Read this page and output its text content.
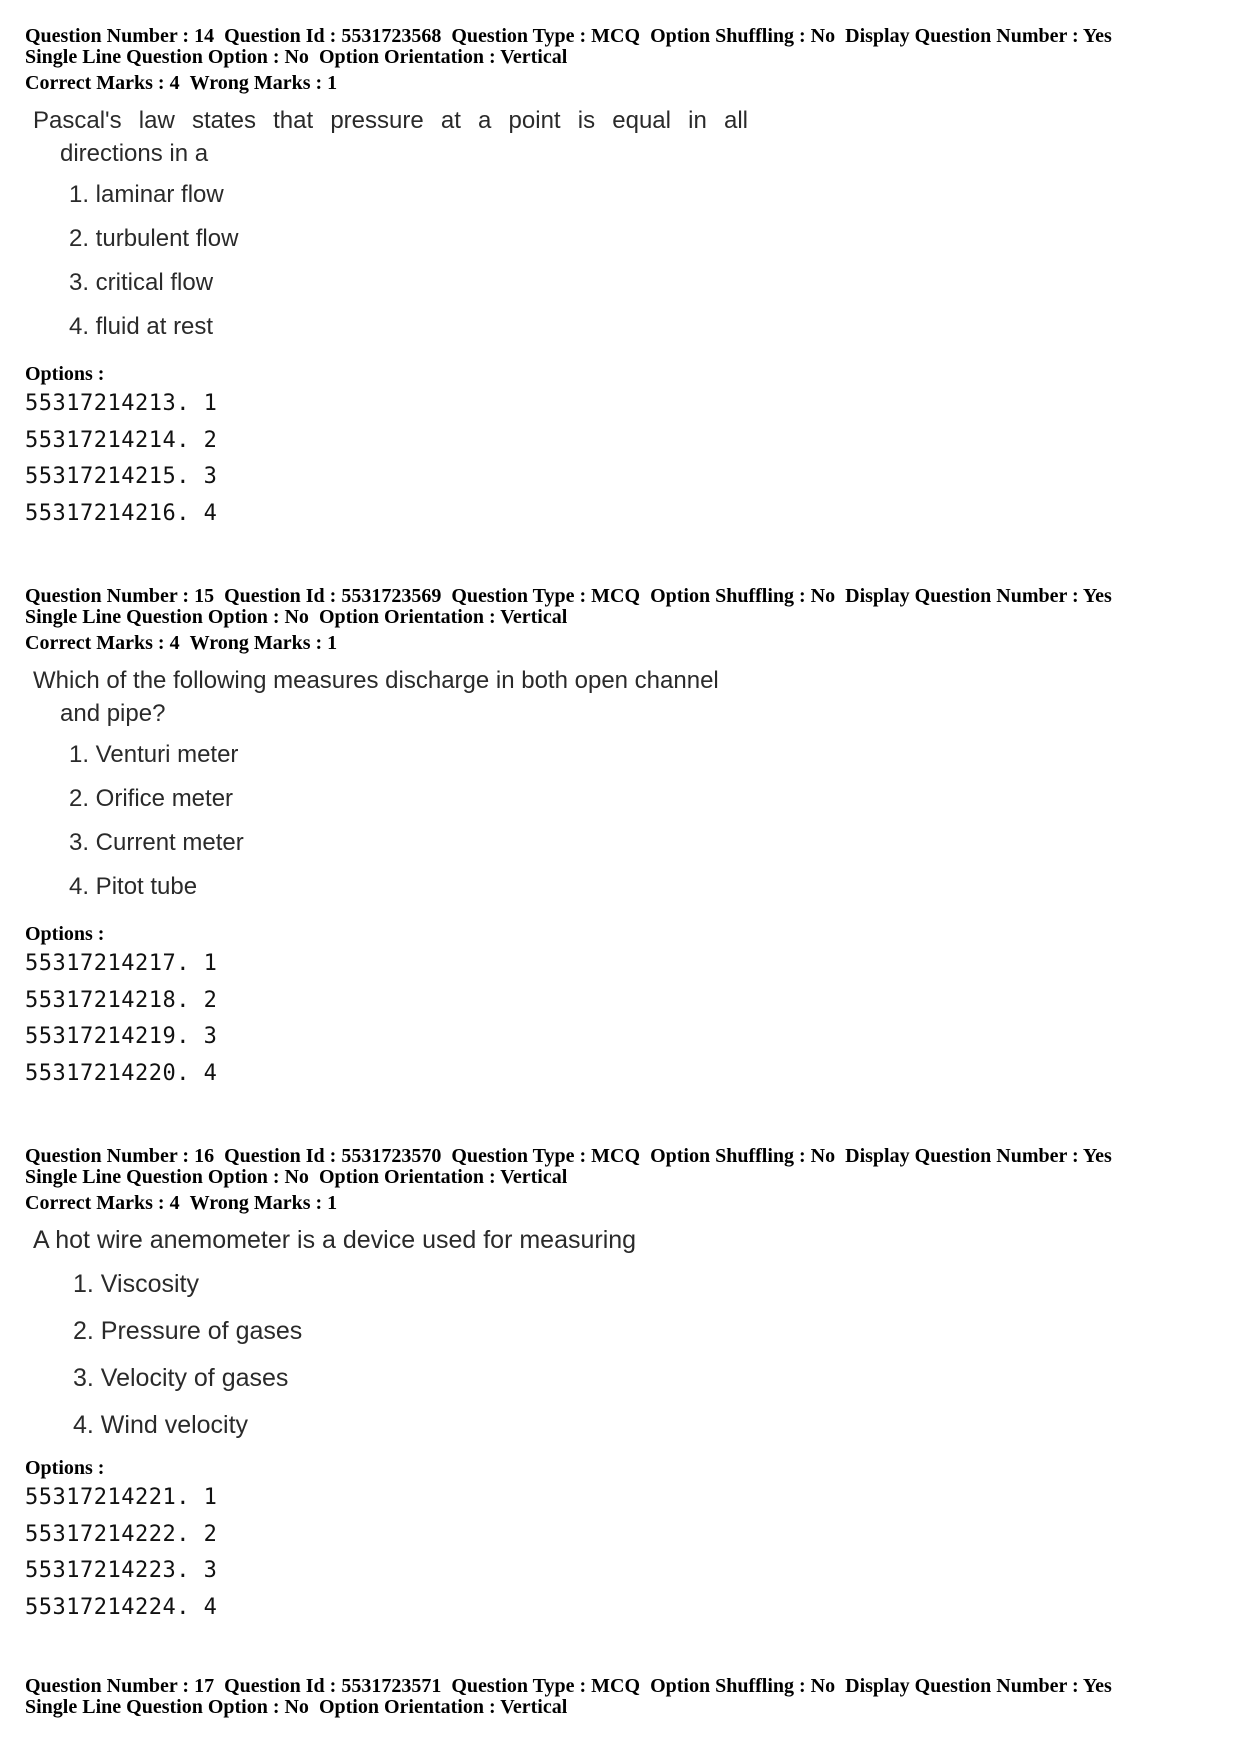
Question Number : 14 Question Id : 5531723568 Question Type : MCQ Option Shuffling : No Display Question Number : Yes
Single Line Question Option : No Option Orientation : Vertical
Correct Marks : 4 Wrong Marks : 1
Pascal's law states that pressure at a point is equal in all
directions in a
1. laminar flow
2. turbulent flow
3. critical flow
4. fluid at rest
Options :
55317214213. 1
55317214214. 2
55317214215. 3
55317214216. 4
Question Number : 15 Question Id : 5531723569 Question Type : MCQ Option Shuffling : No Display Question Number : Yes
Single Line Question Option : No Option Orientation : Vertical
Correct Marks : 4 Wrong Marks : 1
Which of the following measures discharge in both open channel
and pipe?
1. Venturi meter
2. Orifice meter
3. Current meter
4. Pitot tube
Options :
55317214217. 1
55317214218. 2
55317214219. 3
55317214220. 4
Question Number : 16 Question Id : 5531723570 Question Type : MCQ Option Shuffling : No Display Question Number : Yes
Single Line Question Option : No Option Orientation : Vertical
Correct Marks : 4 Wrong Marks : 1
A hot wire anemometer is a device used for measuring
1. Viscosity
2. Pressure of gases
3. Velocity of gases
4. Wind velocity
Options :
55317214221. 1
55317214222. 2
55317214223. 3
55317214224. 4
Question Number : 17 Question Id : 5531723571 Question Type : MCQ Option Shuffling : No Display Question Number : Yes
Single Line Question Option : No Option Orientation : Vertical
